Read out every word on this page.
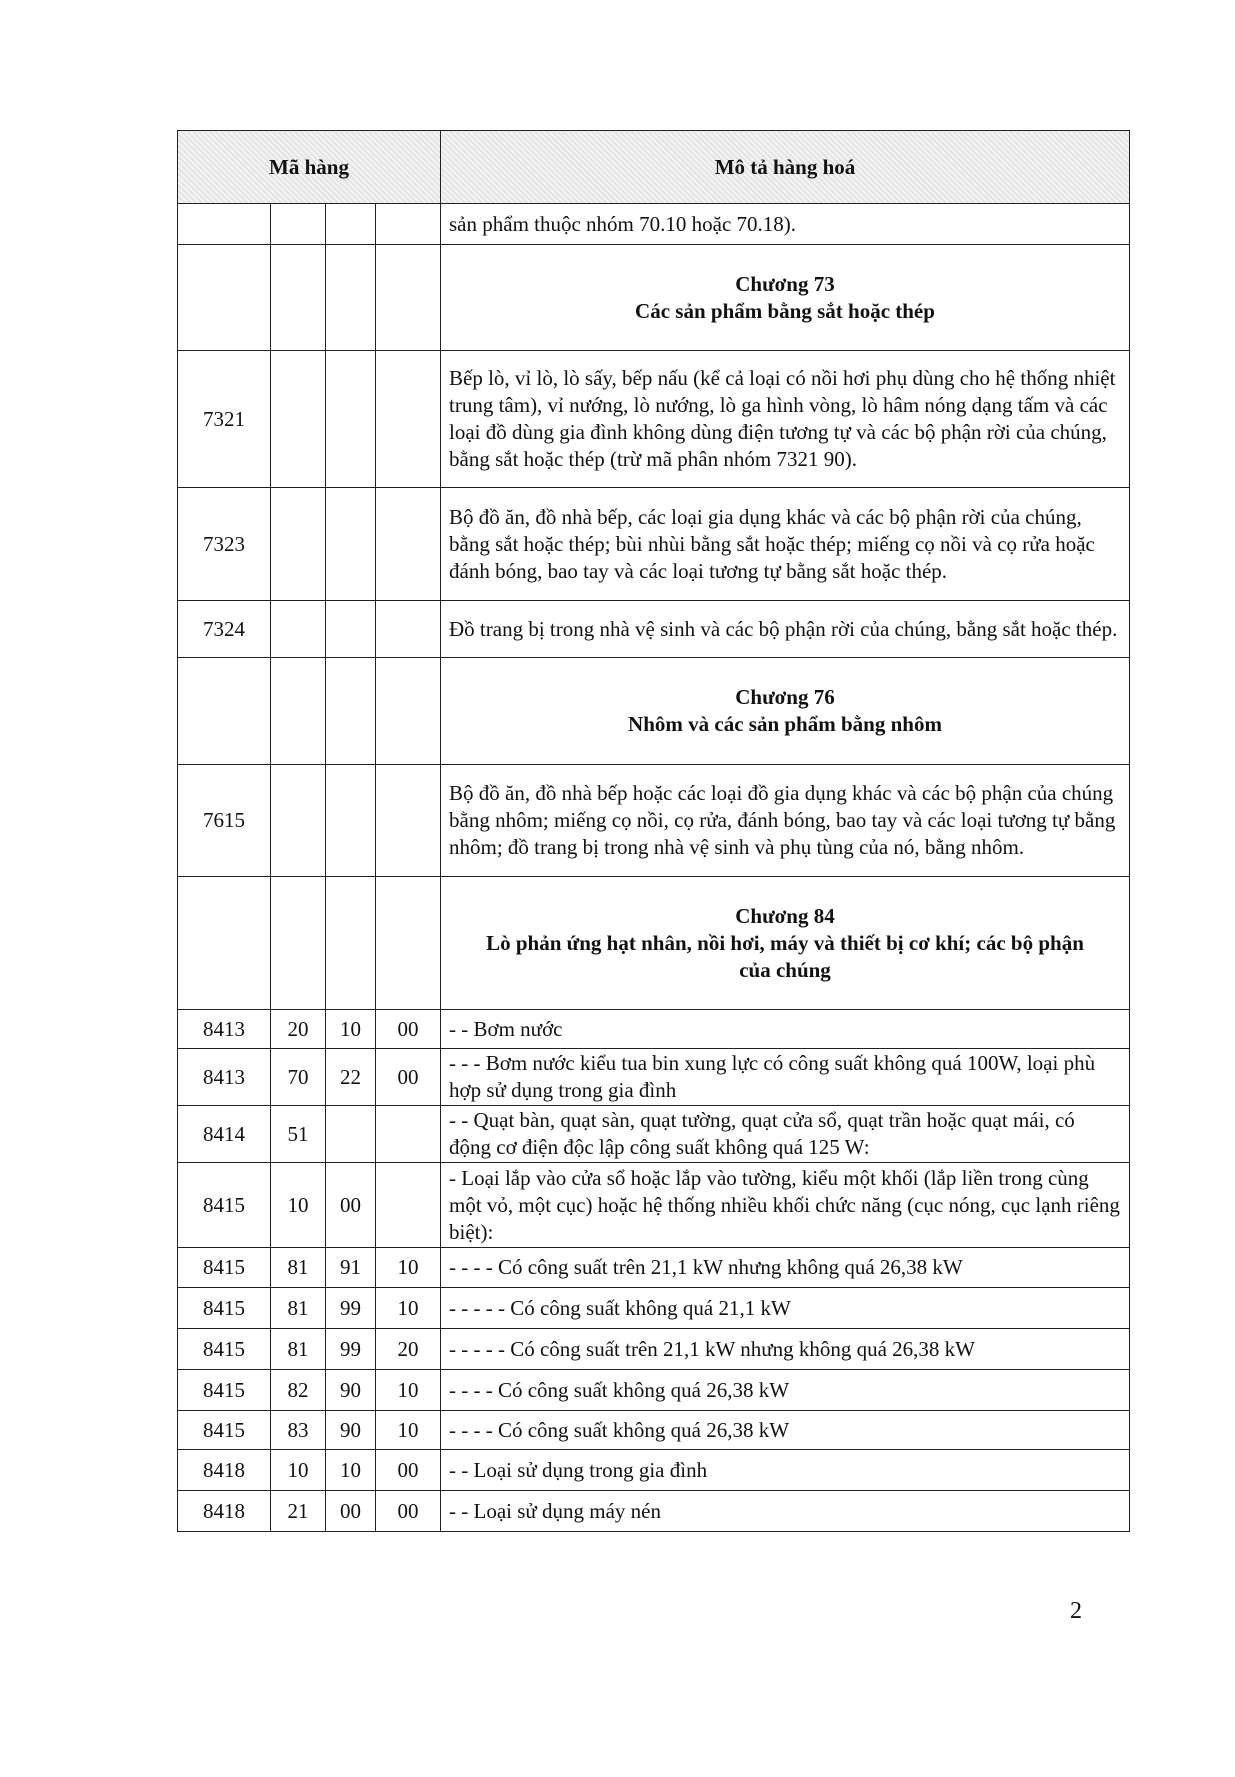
Mã hàng				Mô tả hàng hoá
				sản phẩm thuộc nhóm 70.10 hoặc 70.18).

				Chương 73
Các sản phẩm bằng sắt hoặc thép

7321				Bếp lò, vỉ lò, lò sấy, bếp nấu (kể cả loại có nồi hơi phụ dùng cho hệ thống nhiệt trung tâm), vỉ nướng, lò nướng, lò ga hình vòng, lò hâm nóng dạng tấm và các loại đồ dùng gia đình không dùng điện tương tự và các bộ phận rời của chúng, bằng sắt hoặc thép (trừ mã phân nhóm 7321 90).
7323				Bộ đồ ăn, đồ nhà bếp, các loại gia dụng khác và các bộ phận rời của chúng, bằng sắt hoặc thép; bùi nhùi bằng sắt hoặc thép; miếng cọ nồi và cọ rửa hoặc đánh bóng, bao tay và các loại tương tự bằng sắt hoặc thép.
7324				Đồ trang bị trong nhà vệ sinh và các bộ phận rời của chúng, bằng sắt hoặc thép.

				Chương 76
Nhôm và các sản phẩm bằng nhôm

7615				Bộ đồ ăn, đồ nhà bếp hoặc các loại đồ gia dụng khác và các bộ phận của chúng bằng nhôm; miếng cọ nồi, cọ rửa, đánh bóng, bao tay và các loại tương tự bằng nhôm; đồ trang bị trong nhà vệ sinh và phụ tùng của nó, bằng nhôm.

				Chương 84
Lò phản ứng hạt nhân, nồi hơi, máy và thiết bị cơ khí; các bộ phận của chúng

8413	20	10	00	- - Bơm nước
8413	70	22	00	- - - Bơm nước kiểu tua bin xung lực có công suất không quá 100W, loại phù hợp sử dụng trong gia đình
8414	51			- - Quạt bàn, quạt sàn, quạt tường, quạt cửa sổ, quạt trần hoặc quạt mái, có động cơ điện độc lập công suất không quá 125 W:
8415	10	00		- Loại lắp vào cửa sổ hoặc lắp vào tường, kiểu một khối (lắp liền trong cùng một vỏ, một cục) hoặc hệ thống nhiều khối chức năng (cục nóng, cục lạnh riêng biệt):
8415	81	91	10	- - - - Có công suất trên 21,1 kW nhưng không quá 26,38 kW
8415	81	99	10	- - - - - Có công suất không quá 21,1 kW
8415	81	99	20	- - - - - Có công suất trên 21,1 kW nhưng không quá 26,38 kW
8415	82	90	10	- - - - Có công suất không quá 26,38 kW
8415	83	90	10	- - - - Có công suất không quá 26,38 kW
8418	10	10	00	- - Loại sử dụng trong gia đình
8418	21	00	00	- - Loại sử dụng máy nén
2
